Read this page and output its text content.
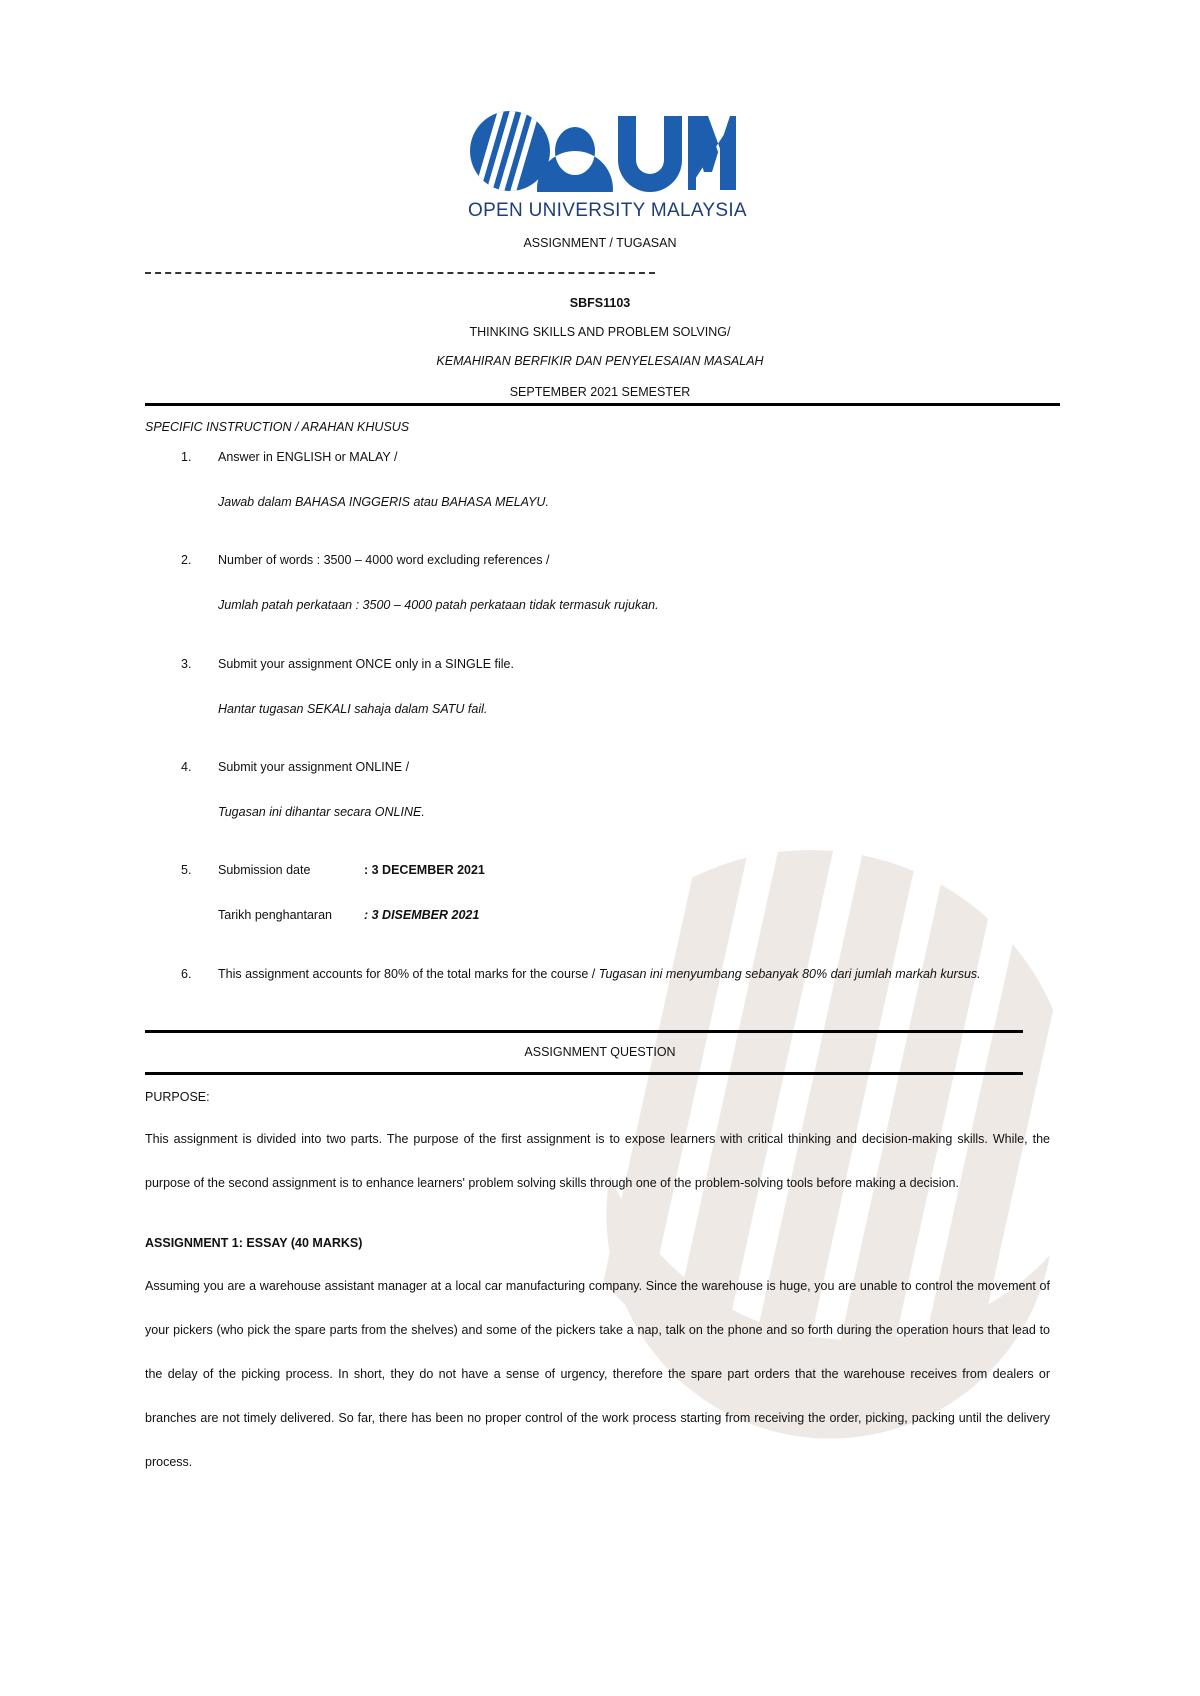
OPEN UNIVERSITY MALAYSIA
ASSIGNMENT / TUGASAN
SBFS1103
THINKING SKILLS AND PROBLEM SOLVING/
KEMAHIRAN BERFIKIR DAN PENYELESAIAN MASALAH
SEPTEMBER 2021 SEMESTER
SPECIFIC INSTRUCTION / ARAHAN KHUSUS
1. Answer in ENGLISH or MALAY /
Jawab dalam BAHASA INGGERIS atau BAHASA MELAYU.
2. Number of words : 3500 – 4000 word excluding references /
Jumlah patah perkataan : 3500 – 4000 patah perkataan tidak termasuk rujukan.
3. Submit your assignment ONCE only in a SINGLE file.
Hantar tugasan SEKALI sahaja dalam SATU fail.
4. Submit your assignment ONLINE /
Tugasan ini dihantar secara ONLINE.
5. Submission date	: 3 DECEMBER 2021
Tarikh penghantaran	: 3 DISEMBER 2021
6. This assignment accounts for 80% of the total marks for the course / Tugasan ini menyumbang sebanyak 80% dari jumlah markah kursus.
ASSIGNMENT QUESTION
PURPOSE:
This assignment is divided into two parts. The purpose of the first assignment is to expose learners with critical thinking and decision-making skills. While, the purpose of the second assignment is to enhance learners' problem solving skills through one of the problem-solving tools before making a decision.
ASSIGNMENT 1: ESSAY (40 MARKS)
Assuming you are a warehouse assistant manager at a local car manufacturing company. Since the warehouse is huge, you are unable to control the movement of your pickers (who pick the spare parts from the shelves) and some of the pickers take a nap, talk on the phone and so forth during the operation hours that lead to the delay of the picking process. In short, they do not have a sense of urgency, therefore the spare part orders that the warehouse receives from dealers or branches are not timely delivered. So far, there has been no proper control of the work process starting from receiving the order, picking, packing until the delivery process.
